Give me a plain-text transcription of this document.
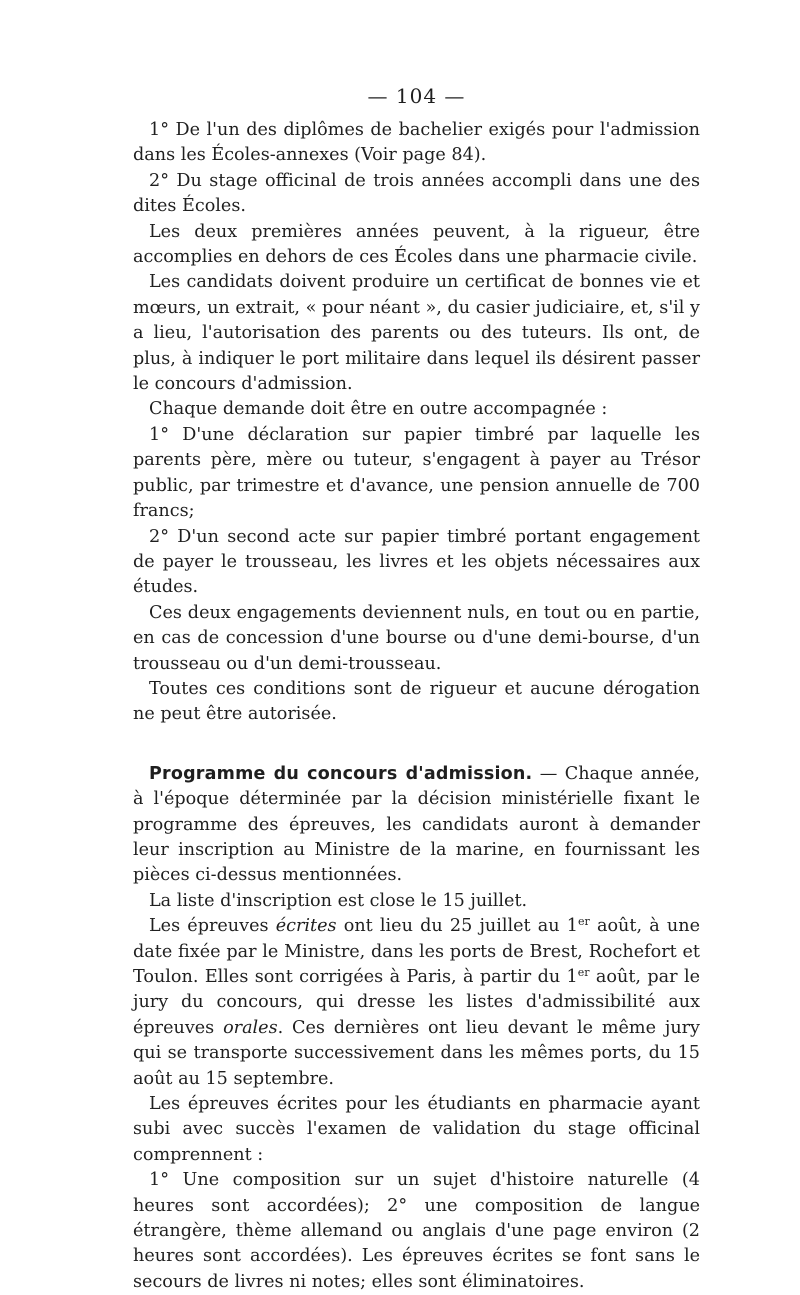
— 104 —

1° De l'un des diplômes de bachelier exigés pour l'admission dans les Écoles-annexes (Voir page 84).

2° Du stage officinal de trois années accompli dans une des dites Écoles.

Les deux premières années peuvent, à la rigueur, être accomplies en dehors de ces Écoles dans une pharmacie civile.

Les candidats doivent produire un certificat de bonnes vie et mœurs, un extrait, « pour néant », du casier judiciaire, et, s'il y a lieu, l'autorisation des parents ou des tuteurs. Ils ont, de plus, à indiquer le port militaire dans lequel ils désirent passer le concours d'admission.

Chaque demande doit être en outre accompagnée :

1° D'une déclaration sur papier timbré par laquelle les parents père, mère ou tuteur, s'engagent à payer au Trésor public, par trimestre et d'avance, une pension annuelle de 700 francs;

2° D'un second acte sur papier timbré portant engagement de payer le trousseau, les livres et les objets nécessaires aux études.

Ces deux engagements deviennent nuls, en tout ou en partie, en cas de concession d'une bourse ou d'une demi-bourse, d'un trousseau ou d'un demi-trousseau.

Toutes ces conditions sont de rigueur et aucune dérogation ne peut être autorisée.

Programme du concours d'admission. — Chaque année, à l'époque déterminée par la décision ministérielle fixant le programme des épreuves, les candidats auront à demander leur inscription au Ministre de la marine, en fournissant les pièces ci-dessus mentionnées.

La liste d'inscription est close le 15 juillet.

Les épreuves écrites ont lieu du 25 juillet au 1er août, à une date fixée par le Ministre, dans les ports de Brest, Rochefort et Toulon. Elles sont corrigées à Paris, à partir du 1er août, par le jury du concours, qui dresse les listes d'admissibilité aux épreuves orales. Ces dernières ont lieu devant le même jury qui se transporte successivement dans les mêmes ports, du 15 août au 15 septembre.

Les épreuves écrites pour les étudiants en pharmacie ayant subi avec succès l'examen de validation du stage officinal comprennent :

1° Une composition sur un sujet d'histoire naturelle (4 heures sont accordées); 2° une composition de langue étrangère, thème allemand ou anglais d'une page environ (2 heures sont accordées). Les épreuves écrites se font sans le secours de livres ni notes; elles sont éliminatoires.
